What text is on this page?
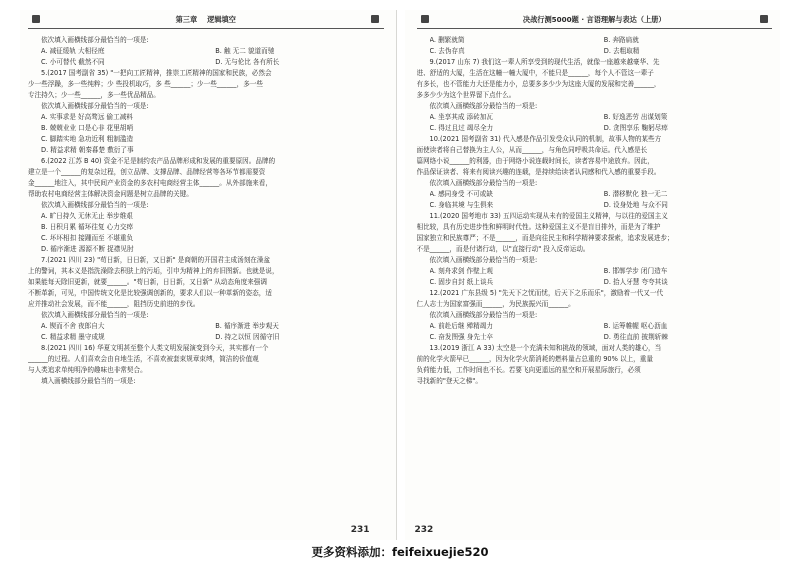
第三章 逻辑填空
依次填入画横线部分最恰当的一项是:
A. 减征缓轨 大相径庭	B. 触 无二 貌道而驰
C. 小可替代 截然不同	D. 无与伦比 各有所长
5.(2017 国考副省 35) "一把向工匠精神，推崇工匠精神的国家和民族，必然会
少一些浮躁，多一些纯粹；少 些投机取巧，多 些______；少一些______，多一些
专注持久；少一些______，多一些优品精品。
依次填入画横线部分最恰当的一项是:
A. 实事求是 好高骛远 偷工减料
B. 兢兢业业 口是心非 花里胡哨
C. 脚踏实地 急功近利 粗制滥造
D. 精益求精 朝秦暮楚 敷衍了事
6.(2022 江苏 B 40) 资金不足是制约农产品品牌形成和发展的重要原因。品牌的
建立是一个______的复杂过程，创立品牌、支撑品牌、品牌经营等各环节都需要资
金______地注入，其中民间产业资金的多农村电商经营主体______。从外部施来看，
帮助农村电商经营主体解决资金问题是树立品牌的关键。
依次填入画横线部分最恰当的一项是:
A. 旷日持久 无休无止 举步维艰
B. 日积月累 循环往复 心力交瘁
C. 坏坏相扣 接踵而至 不堪重负
D. 循序渐进 源源不断 捉襟见肘
7.(2021 四川 23) "苟日新，日日新，又日新" 是商朝的开国君主成汤刻在澡盆
上的警词，其本义是指洗澡除去积肤上的污垢，引申为精神上的弃旧图新。也就是说，
如果能每天除旧更新，就要______。"苟日新，日日新，又日新" 从动态角度来强调
不断革新，可见，中国传统文化是比较强调创新的，要求人们以一种革新的姿态，适
应并推动社会发展，而不能______，阻挡历史前进的步伐。
依次填入画横线部分最恰当的一项是:
A. 锲而不舍 夜郎自大	B. 循序渐进 举步观天
C. 精益求精 墨守成规	D. 持之以恒 因循守旧
8.(2021 四川 16) 华夏文明甚至整个人类文明发展演变到今天，其实都有一个
______的过程。人们喜欢会由自地生活，不喜欢被套束规章束缚，简洁的价值观
与人类追求单纯明净的趣味也非常契合。
填入画横线部分最恰当的一项是:
231
决战行测5000题 · 言语理解与表达（上册）
A. 删繁就简	B. 奔路扁就
C. 去伪存真	D. 去粗取精
9.(2017 山东 7) 我们这一辈人所享受到的现代生活，就像一座越来越豪华、先
进、舒适的大厦，生活在这幢一幢大厦中，不能只是______，每个人不管这一辈子
有多长，也不管能力大还是能力小，总要多多少少为这座大厦的发展和完善______，
多多少少为这个世界留下点什么。
依次填入画横线部分最恰当的一项是:
A. 坐享其成 添砖加瓦	B. 好逸恶劳 出谋划策
C. 得过且过 竭尽全力	D. 贪图享乐 鞠躬尽瘁
10.(2021 国考副省 31) 代入感是作品引发受众认同的机制，故事人物的某些方
面使读者将自己替换为主人公，从而______，与角色同呼吸共命运。代入感是长
篇网络小说______的利器，由于网络小说连载时间长，读者容易中途放弃。因此，
作品保证读者、将来有阅读兴趣的连载，是持续给读者认同感和代入感的重要手段。
依次填入画横线部分最恰当的一项是:
A. 感同身受 不可或缺	B. 潜移默化 独一无二
C. 身临其境 与生俱来	D. 设身处地 与众不同
11.(2020 国考地市 33) 五四运动实现从未有的爱国主义精神，与以往的爱国主义
相比较，具有历史进步性和鲜明时代性。这种爱国主义不是盲目排外，而是为了维护
国家独立和民族尊严；不是______，而是向往民主和科学精神要求探索，追求发展进步；
不是______，而是付诸行动，以"直接行动" 投入反帝运动。
依次填入画横线部分最恰当的一项是:
A. 刻舟求剑 作壁上观	B. 邯郸学步 闭门造车
C. 固步自封 纸上谈兵	D. 拾人牙慧 夸夸其谈
12.(2021 广东县级 5) "先天下之忧而忧，后天下之乐而乐"，激励着一代又一代
仁人志士为国家富强而______，为民族振兴而______。
依次填入画横线部分最恰当的一项是:
A. 前赴后继 殚精竭力	B. 运筹帷幄 呕心沥血
C. 奋发图强 身先士卒	D. 勇往直前 披荆斩棘
13.(2019 浙江 A 33) 太空是一个充满未知和挑战的领域，面对人类的雄心，当
前的化学火箭早已______，因为化学火箭消耗的燃料量占总重的 90% 以上，重量
负荷能力低，工作时间也不长。若要飞向更遥远的星空和开展星际旅行，必须
寻找新的"登天之梯"。
232
更多资料添加：feifeixuejie520
